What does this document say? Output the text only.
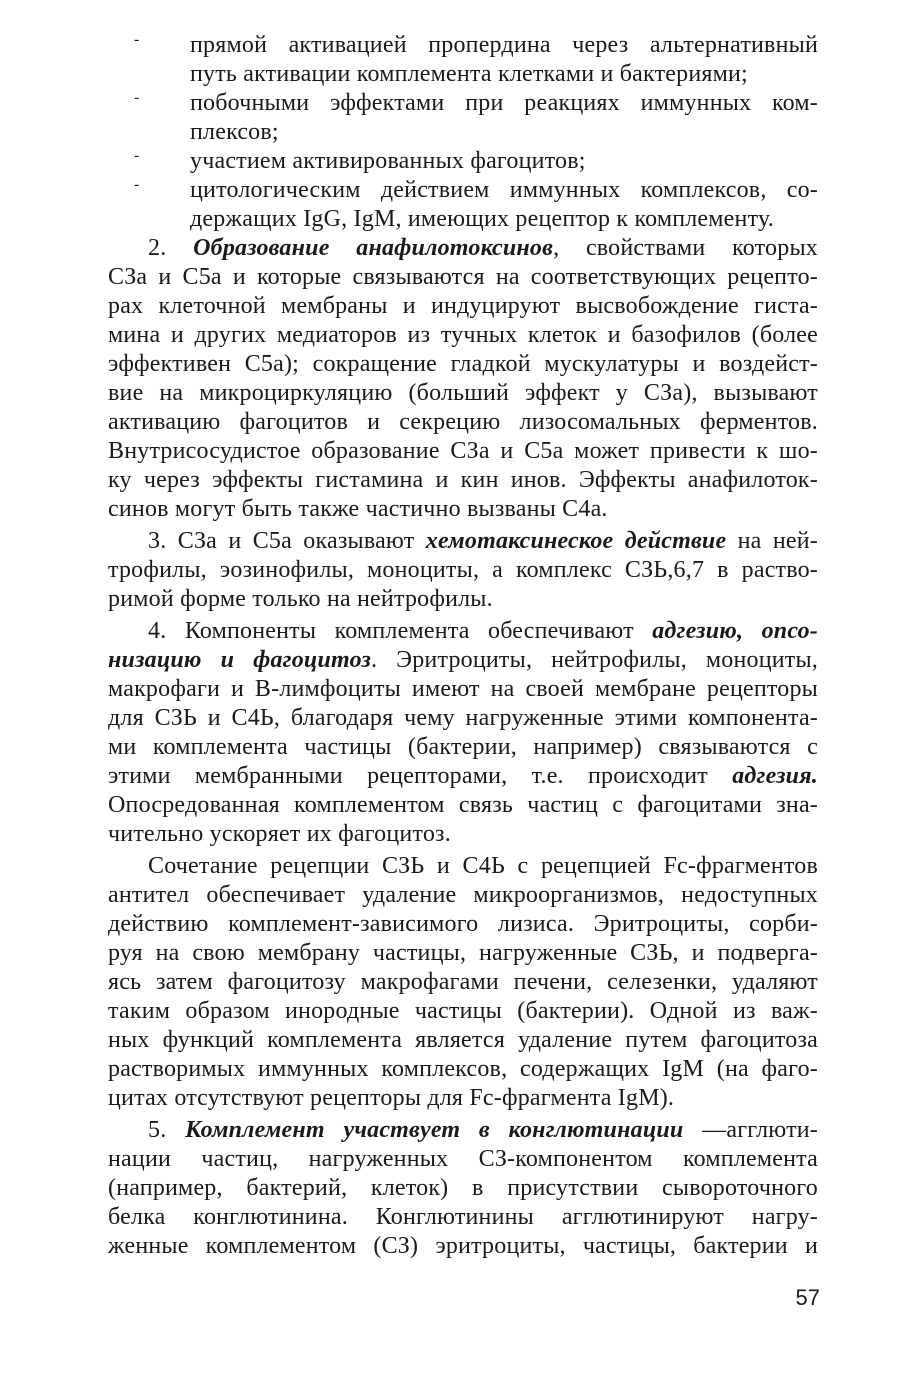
- прямой активацией пропердина через альтернативный
путь активации комплемента клетками и бактериями;
- побочными эффектами при реакциях иммунных ком-
плексов;
- участием активированных фагоцитов;
- цитологическим действием иммунных комплексов, со-
держащих IgG, IgM, имеющих рецептор к комплементу.
2. Образование анафилотоксинов, свойствами которых
СЗа и С5а и которые связываются на соответствующих рецепто-
рах клеточной мембраны и индуцируют высвобождение гиста-
мина и других медиаторов из тучных клеток и базофилов (более
эффективен С5а); сокращение гладкой мускулатуры и воздейст-
вие на микроциркуляцию (больший эффект у СЗа), вызывают
активацию фагоцитов и секрецию лизосомальных ферментов.
Внутрисосудистое образование СЗа и С5а может привести к шо-
ку через эффекты гистамина и кин инов. Эффекты анафилоток-
синов могут быть также частично вызваны С4а.
3. СЗа и С5а оказывают хемотаксинеское действие на ней-
трофилы, эозинофилы, моноциты, а комплекс СЗЬ,6,7 в раство-
римой форме только на нейтрофилы.
4. Компоненты комплемента обеспечивают адгезию, опсо-
низацию и фагоцитоз. Эритроциты, нейтрофилы, моноциты,
макрофаги и В-лимфоциты имеют на своей мембране рецепторы
для СЗЬ и С4Ь, благодаря чему нагруженные этими компонента-
ми комплемента частицы (бактерии, например) связываются с
этими мембранными рецепторами, т.е. происходит адгезия.
Опосредованная комплементом связь частиц с фагоцитами зна-
чительно ускоряет их фагоцитоз.
Сочетание рецепции СЗЬ и С4Ь с рецепцией Fc-фрагментов
антител обеспечивает удаление микроорганизмов, недоступных
действию комплемент-зависимого лизиса. Эритроциты, сорби-
руя на свою мембрану частицы, нагруженные СЗЬ, и подверга-
ясь затем фагоцитозу макрофагами печени, селезенки, удаляют
таким образом инородные частицы (бактерии). Одной из важ-
ных функций комплемента является удаление путем фагоцитоза
растворимых иммунных комплексов, содержащих IgM (на фаго-
цитах отсутствуют рецепторы для Fc-фрагмента IgM).
5. Комплемент участвует в конглютинации —агглюти-
нации частиц, нагруженных СЗ-компонентом комплемента
(например, бактерий, клеток) в присутствии сывороточного
белка конглютинина. Конглютинины агглютинируют нагру-
женные комплементом (СЗ) эритроциты, частицы, бактерии и
57
